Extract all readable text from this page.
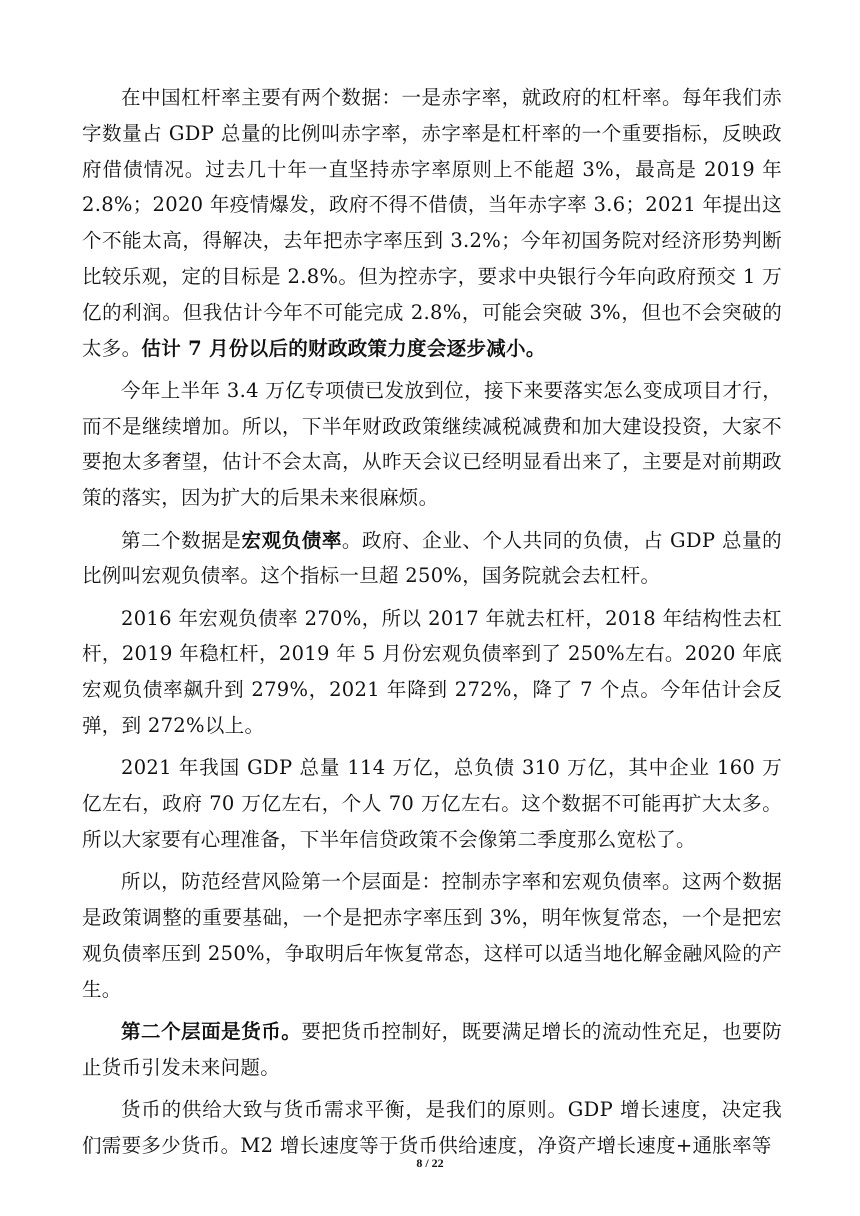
在中国杠杆率主要有两个数据：一是赤字率，就政府的杠杆率。每年我们赤字数量占 GDP 总量的比例叫赤字率，赤字率是杠杆率的一个重要指标，反映政府借债情况。过去几十年一直坚持赤字率原则上不能超 3%，最高是 2019 年 2.8%；2020 年疫情爆发，政府不得不借债，当年赤字率 3.6；2021 年提出这个不能太高，得解决，去年把赤字率压到 3.2%；今年初国务院对经济形势判断比较乐观，定的目标是 2.8%。但为控赤字，要求中央银行今年向政府预交 1 万亿的利润。但我估计今年不可能完成 2.8%，可能会突破 3%，但也不会突破的太多。估计 7 月份以后的财政政策力度会逐步减小。

今年上半年 3.4 万亿专项债已发放到位，接下来要落实怎么变成项目才行，而不是继续增加。所以，下半年财政政策继续减税减费和加大建设投资，大家不要抱太多奢望，估计不会太高，从昨天会议已经明显看出来了，主要是对前期政策的落实，因为扩大的后果未来很麻烦。

第二个数据是宏观负债率。政府、企业、个人共同的负债，占 GDP 总量的比例叫宏观负债率。这个指标一旦超 250%，国务院就会去杠杆。

2016 年宏观负债率 270%，所以 2017 年就去杠杆，2018 年结构性去杠杆，2019 年稳杠杆，2019 年 5 月份宏观负债率到了 250%左右。2020 年底宏观负债率飙升到 279%，2021 年降到 272%，降了 7 个点。今年估计会反弹，到 272%以上。

2021 年我国 GDP 总量 114 万亿，总负债 310 万亿，其中企业 160 万亿左右，政府 70 万亿左右，个人 70 万亿左右。这个数据不可能再扩大太多。所以大家要有心理准备，下半年信贷政策不会像第二季度那么宽松了。

所以，防范经营风险第一个层面是：控制赤字率和宏观负债率。这两个数据是政策调整的重要基础，一个是把赤字率压到 3%，明年恢复常态，一个是把宏观负债率压到 250%，争取明后年恢复常态，这样可以适当地化解金融风险的产生。

第二个层面是货币。要把货币控制好，既要满足增长的流动性充足，也要防止货币引发未来问题。

货币的供给大致与货币需求平衡，是我们的原则。GDP 增长速度，决定我们需要多少货币。M2 增长速度等于货币供给速度，净资产增长速度+通胀率等

8 / 22
